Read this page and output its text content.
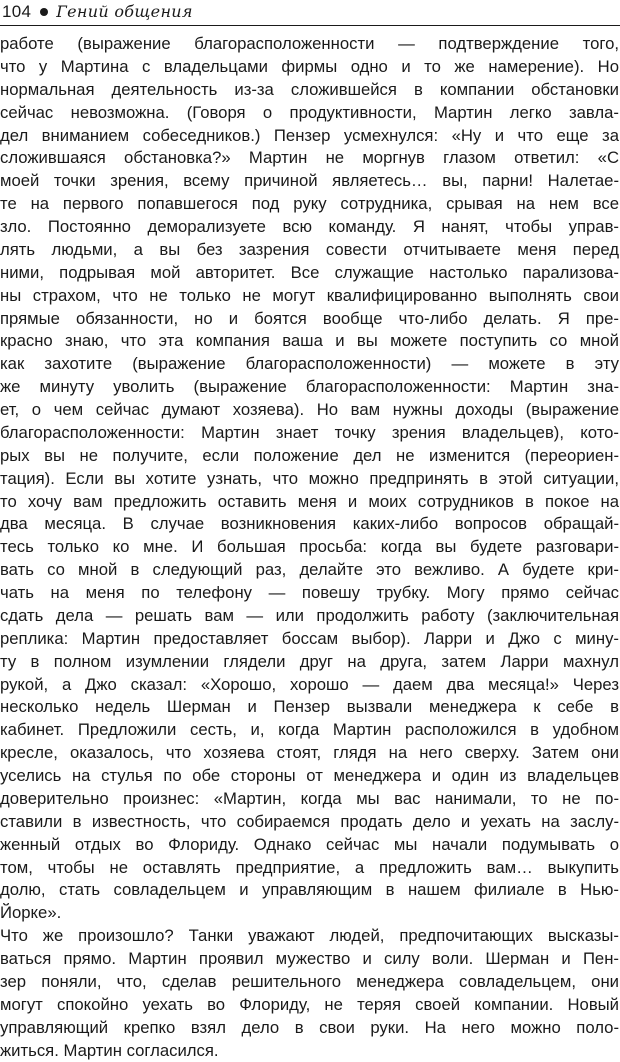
104 Гений общения
работе (выражение благорасположенности — подтверждение того,
что у Мартина с владельцами фирмы одно и то же намерение). Но
нормальная деятельность из-за сложившейся в компании обстановки
сейчас невозможна. (Говоря о продуктивности, Мартин легко завла-
дел вниманием собеседников.) Пензер усмехнулся: «Ну и что еще за
сложившаяся обстановка?» Мартин не моргнув глазом ответил: «С
моей точки зрения, всему причиной являетесь… вы, парни! Налетае-
те на первого попавшегося под руку сотрудника, срывая на нем все
зло. Постоянно деморализуете всю команду. Я нанят, чтобы управ-
лять людьми, а вы без зазрения совести отчитываете меня перед
ними, подрывая мой авторитет. Все служащие настолько парализова-
ны страхом, что не только не могут квалифицированно выполнять свои
прямые обязанности, но и боятся вообще что-либо делать. Я пре-
красно знаю, что эта компания ваша и вы можете поступить со мной
как захотите (выражение благорасположенности) — можете в эту
же минуту уволить (выражение благорасположенности: Мартин зна-
ет, о чем сейчас думают хозяева). Но вам нужны доходы (выражение
благорасположенности: Мартин знает точку зрения владельцев), кото-
рых вы не получите, если положение дел не изменится (переориен-
тация). Если вы хотите узнать, что можно предпринять в этой ситуации,
то хочу вам предложить оставить меня и моих сотрудников в покое на
два месяца. В случае возникновения каких-либо вопросов обращай-
тесь только ко мне. И большая просьба: когда вы будете разговари-
вать со мной в следующий раз, делайте это вежливо. А будете кри-
чать на меня по телефону — повешу трубку. Могу прямо сейчас
сдать дела — решать вам — или продолжить работу (заключительная
реплика: Мартин предоставляет боссам выбор). Ларри и Джо с мину-
ту в полном изумлении глядели друг на друга, затем Ларри махнул
рукой, а Джо сказал: «Хорошо, хорошо — даем два месяца!» Через
несколько недель Шерман и Пензер вызвали менеджера к себе в
кабинет. Предложили сесть, и, когда Мартин расположился в удобном
кресле, оказалось, что хозяева стоят, глядя на него сверху. Затем они
уселись на стулья по обе стороны от менеджера и один из владельцев
доверительно произнес: «Мартин, когда мы вас нанимали, то не по-
ставили в известность, что собираемся продать дело и уехать на заслу-
женный отдых во Флориду. Однако сейчас мы начали подумывать о
том, чтобы не оставлять предприятие, а предложить вам… выкупить
долю, стать совладельцем и управляющим в нашем филиале в Нью-
Йорке».
Что же произошло? Танки уважают людей, предпочитающих высказы-
ваться прямо. Мартин проявил мужество и силу воли. Шерман и Пен-
зер поняли, что, сделав решительного менеджера совладельцем, они
могут спокойно уехать во Флориду, не теряя своей компании. Новый
управляющий крепко взял дело в свои руки. На него можно поло-
житься. Мартин согласился.
